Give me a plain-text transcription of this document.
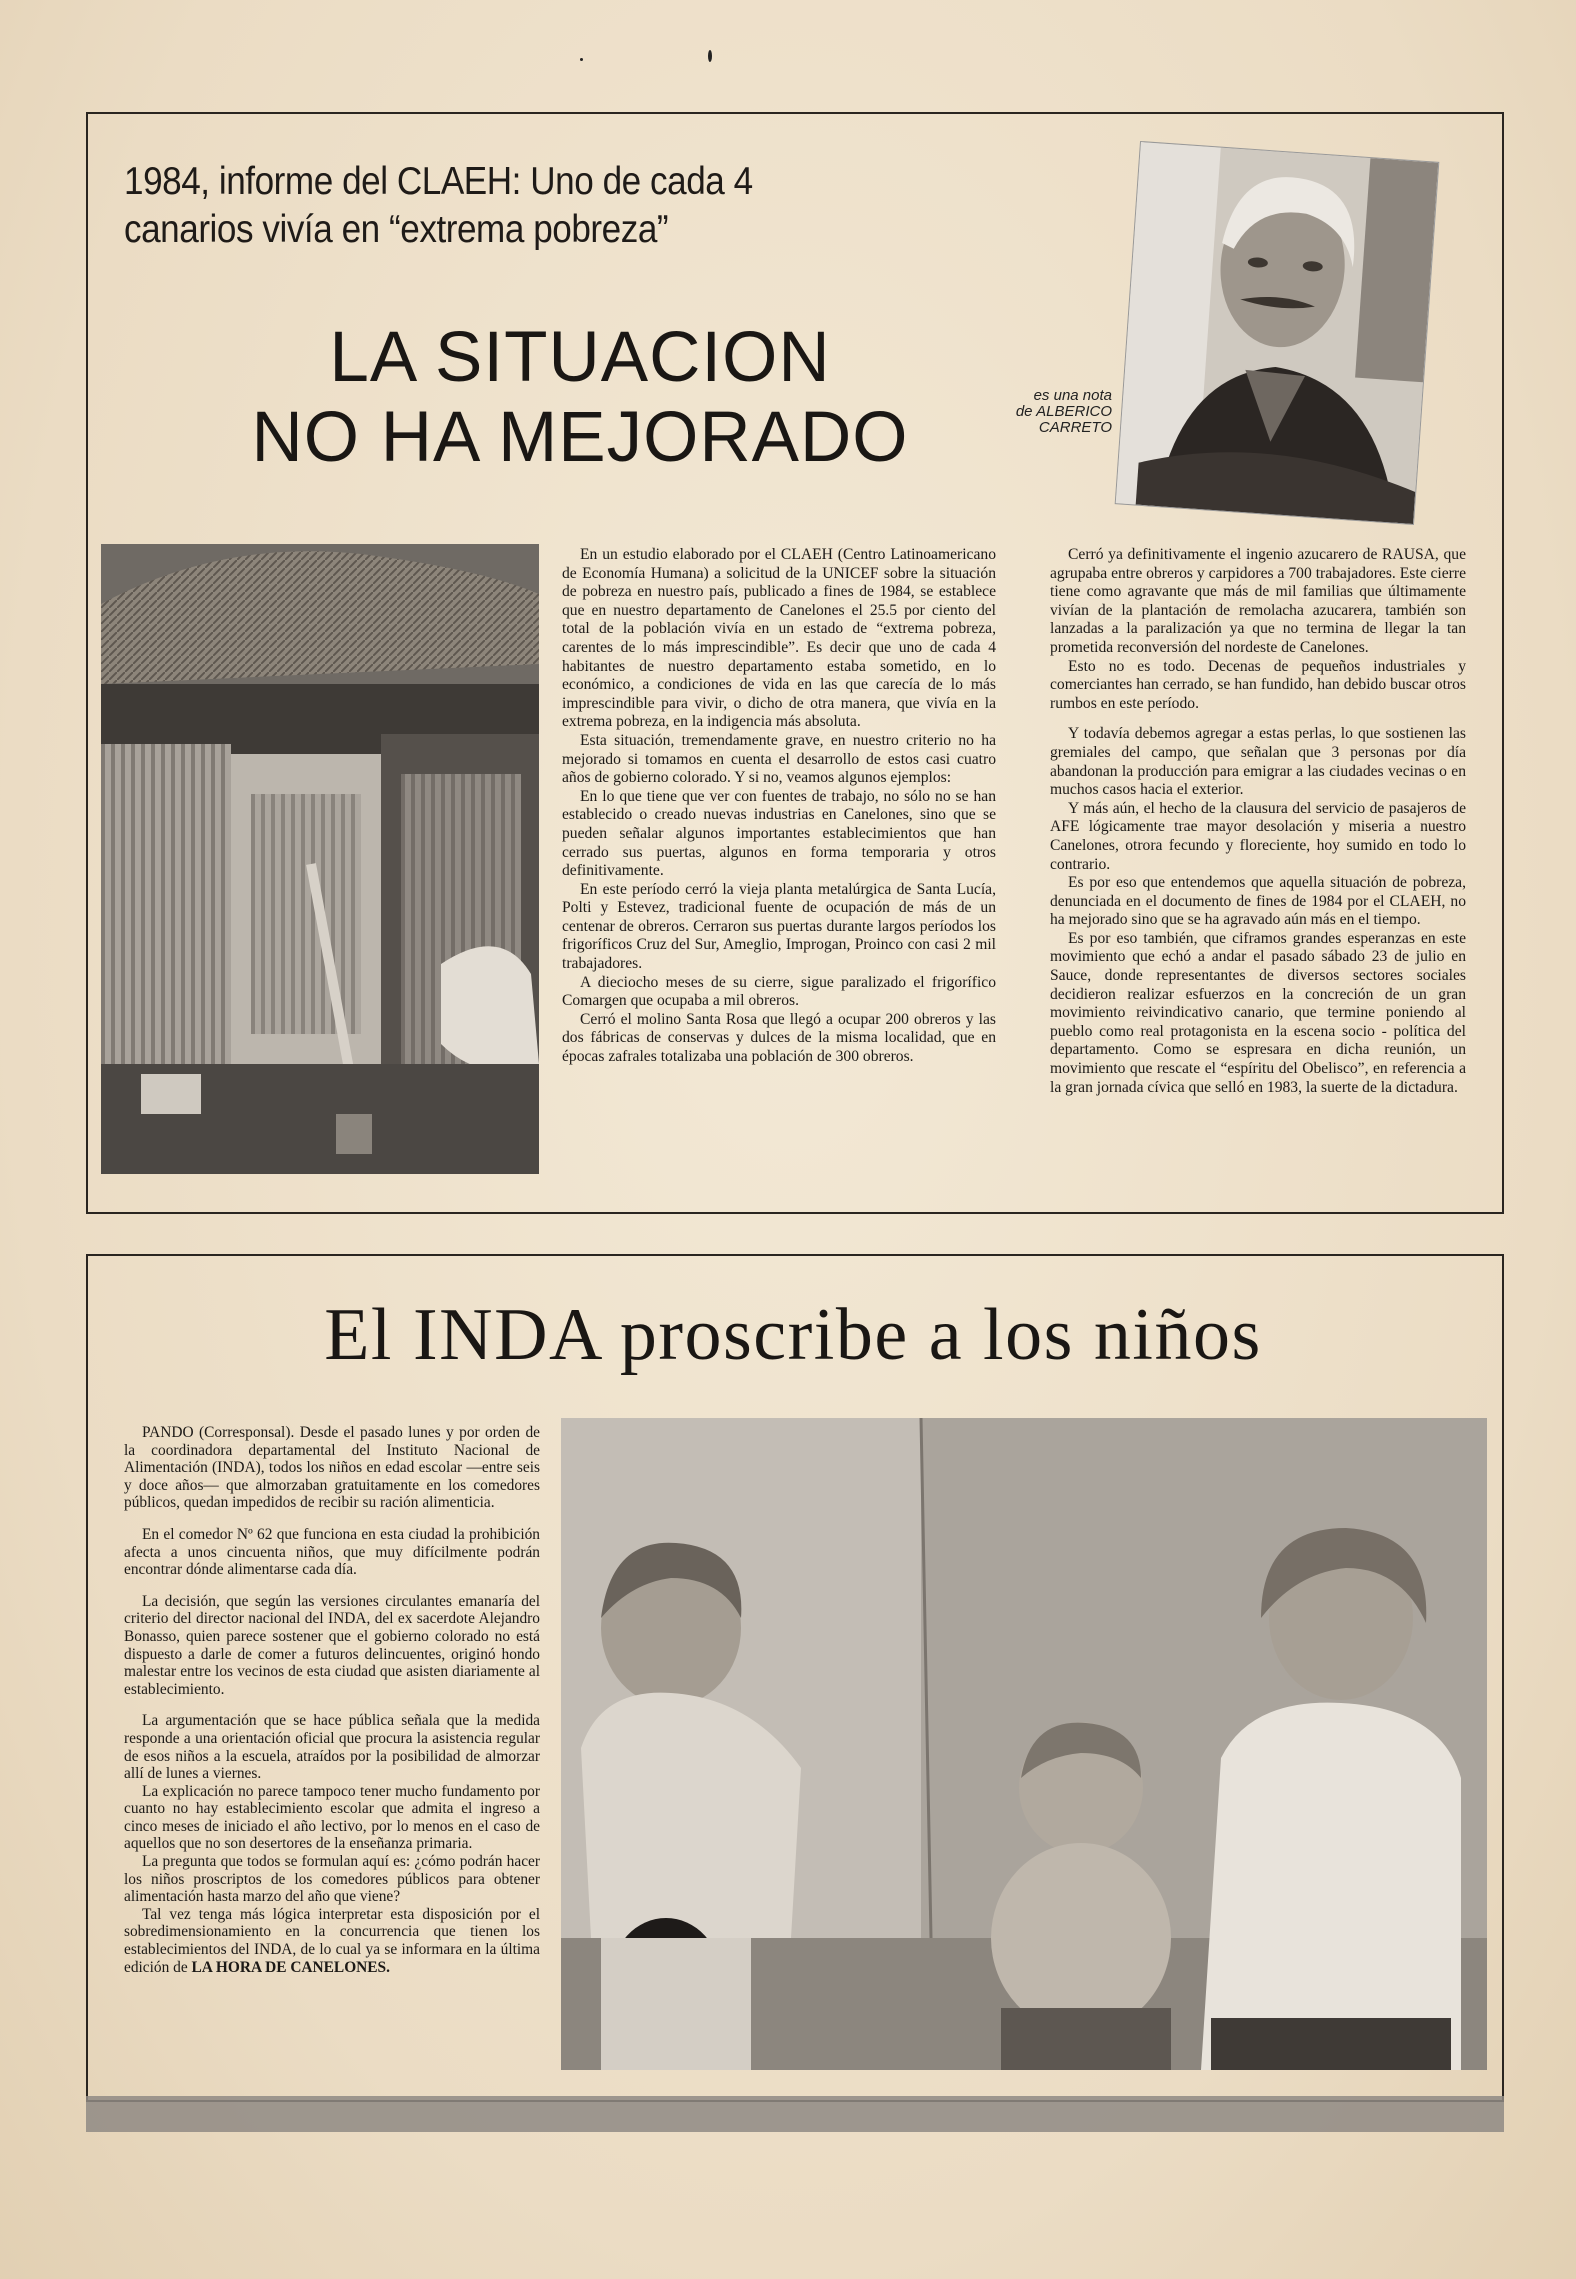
1984, informe del CLAEH: Uno de cada 4
canarios vivía en “extrema pobreza”
LA SITUACION
NO HA MEJORADO
es una nota
de ALBERICO
CARRETO

En un estudio elaborado por el CLAEH (Centro Latinoamericano de Economía Humana) a solicitud de la UNICEF sobre la situación de pobreza en nuestro país, publicado a fines de 1984, se establece que en nuestro departamento de Canelones el 25.5 por ciento del total de la población vivía en un estado de “extrema pobreza, carentes de lo más imprescindible”. Es decir que uno de cada 4 habitantes de nuestro departamento estaba sometido, en lo económico, a condiciones de vida en las que carecía de lo más imprescindible para vivir, o dicho de otra manera, que vivía en la extrema pobreza, en la indigencia más absoluta.

Esta situación, tremendamente grave, en nuestro criterio no ha mejorado si tomamos en cuenta el desarrollo de estos casi cuatro años de gobierno colorado. Y si no, veamos algunos ejemplos:

En lo que tiene que ver con fuentes de trabajo, no sólo no se han establecido o creado nuevas industrias en Canelones, sino que se pueden señalar algunos importantes establecimientos que han cerrado sus puertas, algunos en forma temporaria y otros definitivamente.

En este período cerró la vieja planta metalúrgica de Santa Lucía, Polti y Estevez, tradicional fuente de ocupación de más de un centenar de obreros. Cerraron sus puertas durante largos períodos los frigoríficos Cruz del Sur, Ameglio, Improgan, Proinco con casi 2 mil trabajadores.

A dieciocho meses de su cierre, sigue paralizado el frigorífico Comargen que ocupaba a mil obreros.

Cerró el molino Santa Rosa que llegó a ocupar 200 obreros y las dos fábricas de conservas y dulces de la misma localidad, que en épocas zafrales totalizaba una población de 300 obreros.

Cerró ya definitivamente el ingenio azucarero de RAUSA, que agrupaba entre obreros y carpidores a 700 trabajadores. Este cierre tiene como agravante que más de mil familias que últimamente vivían de la plantación de remolacha azucarera, también son lanzadas a la paralización ya que no termina de llegar la tan prometida reconversión del nordeste de Canelones.

Esto no es todo. Decenas de pequeños industriales y comerciantes han cerrado, se han fundido, han debido buscar otros rumbos en este período.

Y todavía debemos agregar a estas perlas, lo que sostienen las gremiales del campo, que señalan que 3 personas por día abandonan la producción para emigrar a las ciudades vecinas o en muchos casos hacia el exterior.

Y más aún, el hecho de la clausura del servicio de pasajeros de AFE lógicamente trae mayor desolación y miseria a nuestro Canelones, otrora fecundo y floreciente, hoy sumido en todo lo contrario.

Es por eso que entendemos que aquella situación de pobreza, denunciada en el documento de fines de 1984 por el CLAEH, no ha mejorado sino que se ha agravado aún más en el tiempo.

Es por eso también, que ciframos grandes esperanzas en este movimiento que echó a andar el pasado sábado 23 de julio en Sauce, donde representantes de diversos sectores sociales decidieron realizar esfuerzos en la concreción de un gran movimiento reivindicativo canario, que termine poniendo al pueblo como real protagonista en la escena socio - política del departamento. Como se espresara en dicha reunión, un movimiento que rescate el “espíritu del Obelisco”, en referencia a la gran jornada cívica que selló en 1983, la suerte de la dictadura.

El INDA proscribe a los niños

PANDO (Corresponsal). Desde el pasado lunes y por orden de la coordinadora departamental del Instituto Nacional de Alimentación (INDA), todos los niños en edad escolar —entre seis y doce años— que almorzaban gratuitamente en los comedores públicos, quedan impedidos de recibir su ración alimenticia.

En el comedor Nº 62 que funciona en esta ciudad la prohibición afecta a unos cincuenta niños, que muy difícilmente podrán encontrar dónde alimentarse cada día.

La decisión, que según las versiones circulantes emanaría del criterio del director nacional del INDA, del ex sacerdote Alejandro Bonasso, quien parece sostener que el gobierno colorado no está dispuesto a darle de comer a futuros delincuentes, originó hondo malestar entre los vecinos de esta ciudad que asisten diariamente al establecimiento.

La argumentación que se hace pública señala que la medida responde a una orientación oficial que procura la asistencia regular de esos niños a la escuela, atraídos por la posibilidad de almorzar allí de lunes a viernes.

La explicación no parece tampoco tener mucho fundamento por cuanto no hay establecimiento escolar que admita el ingreso a cinco meses de iniciado el año lectivo, por lo menos en el caso de aquellos que no son desertores de la enseñanza primaria.

La pregunta que todos se formulan aquí es: ¿cómo podrán hacer los niños proscriptos de los comedores públicos para obtener alimentación hasta marzo del año que viene?

Tal vez tenga más lógica interpretar esta disposición por el sobredimensionamiento en la concurrencia que tienen los establecimientos del INDA, de lo cual ya se informara en la última edición de LA HORA DE CANELONES.
